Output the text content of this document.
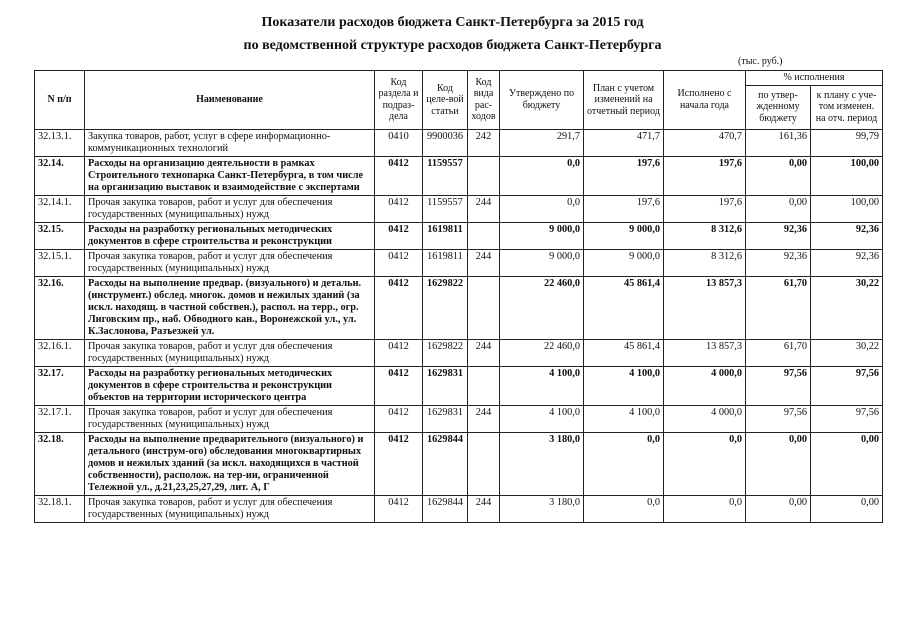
Показатели расходов бюджета Санкт-Петербурга за 2015 год
по ведомственной структуре расходов бюджета Санкт-Петербурга
(тыс. руб.)
N п/п	Наименование	Код раздела и подраз-дела	Код целе-вой статьи	Код вида рас-ходов	Утверждено по бюджету	План с учетом изменений на отчетный период	Исполнено с начала года	% исполнения	
								по утвер-жденному бюджету	к плану с уче-том изменен. на отч. период
32.13.1.	Закупка товаров, работ, услуг в сфере информационно-коммуникационных технологий	0410	9900036	242	291,7	471,7	470,7	161,36	99,79
32.14.	Расходы на организацию деятельности в рамках Строительного технопарка Санкт-Петербурга, в том числе на организацию выставок и взаимодействие с экспертами	0412	1159557		0,0	197,6	197,6	0,00	100,00
32.14.1.	Прочая закупка товаров, работ и услуг для обеспечения государственных (муниципальных) нужд	0412	1159557	244	0,0	197,6	197,6	0,00	100,00
32.15.	Расходы на разработку региональных методических документов в сфере строительства и реконструкции	0412	1619811		9 000,0	9 000,0	8 312,6	92,36	92,36
32.15.1.	Прочая закупка товаров, работ и услуг для обеспечения государственных (муниципальных) нужд	0412	1619811	244	9 000,0	9 000,0	8 312,6	92,36	92,36
32.16.	Расходы на выполнение предвар. (визуального) и детальн. (инструмент.) обслед. многок. домов и нежилых зданий (за искл. находящ. в частной собствен.), распол. на терр., огр. Лиговским пр., наб. Обводного кан., Воронежской ул., ул. К.Заслонова, Разъезжей ул.	0412	1629822		22 460,0	45 861,4	13 857,3	61,70	30,22
32.16.1.	Прочая закупка товаров, работ и услуг для обеспечения государственных (муниципальных) нужд	0412	1629822	244	22 460,0	45 861,4	13 857,3	61,70	30,22
32.17.	Расходы на разработку региональных методических документов в сфере строительства и реконструкции объектов на территории исторического центра	0412	1629831		4 100,0	4 100,0	4 000,0	97,56	97,56
32.17.1.	Прочая закупка товаров, работ и услуг для обеспечения государственных (муниципальных) нужд	0412	1629831	244	4 100,0	4 100,0	4 000,0	97,56	97,56
32.18.	Расходы на выполнение предварительного (визуального) и детального (инструм-ого) обследования многоквартирных домов и нежилых зданий (за искл. находящихся в частной собственности), располож. на тер-ии, ограниченной Тележной ул., д.21,23,25,27,29, лит. А, Г	0412	1629844		3 180,0	0,0	0,0	0,00	0,00
32.18.1.	Прочая закупка товаров, работ и услуг для обеспечения государственных (муниципальных) нужд	0412	1629844	244	3 180,0	0,0	0,0	0,00	0,00
